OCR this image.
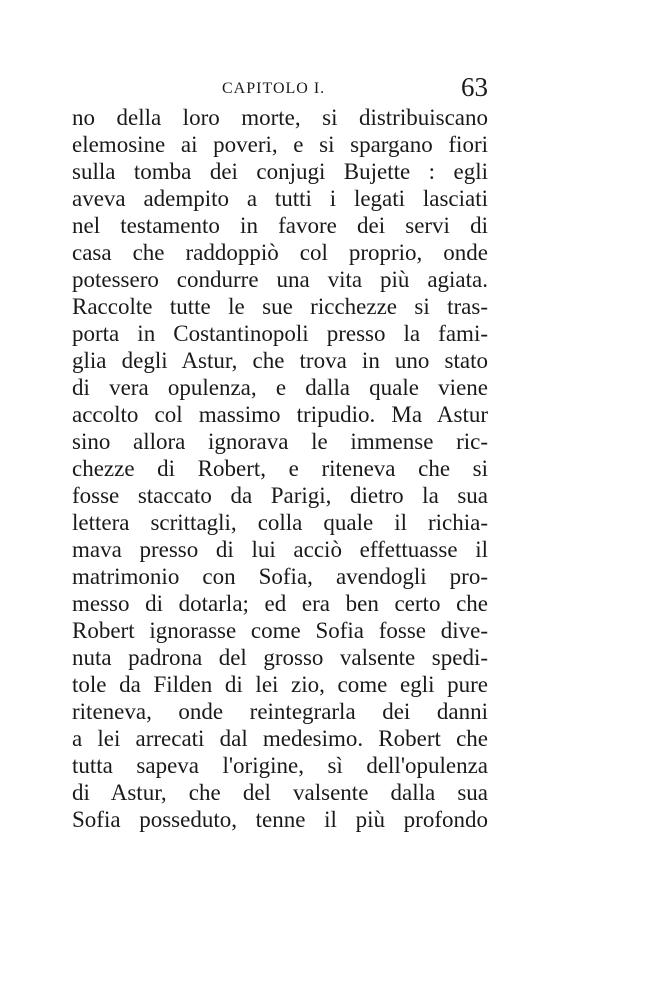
CAPITOLO I.	63
no della loro morte, si distribuiscano
elemosine ai poveri, e si spargano fiori
sulla tomba dei conjugi Bujette : egli
aveva adempito a tutti i legati lasciati
nel testamento in favore dei servi di
casa che raddoppiò col proprio, onde
potessero condurre una vita più agiata.
Raccolte tutte le sue ricchezze si tras-
porta in Costantinopoli presso la fami-
glia degli Astur, che trova in uno stato
di vera opulenza, e dalla quale viene
accolto col massimo tripudio. Ma Astur
sino allora ignorava le immense ric-
chezze di Robert, e riteneva che si
fosse staccato da Parigi, dietro la sua
lettera scrittagli, colla quale il richia-
mava presso di lui acciò effettuasse il
matrimonio con Sofia, avendogli pro-
messo di dotarla; ed era ben certo che
Robert ignorasse come Sofia fosse dive-
nuta padrona del grosso valsente spedi-
tole da Filden di lei zio, come egli pure
riteneva, onde reintegrarla dei danni
a lei arrecati dal medesimo. Robert che
tutta sapeva l'origine, sì dell'opulenza
di Astur, che del valsente dalla sua
Sofia posseduto, tenne il più profondo
